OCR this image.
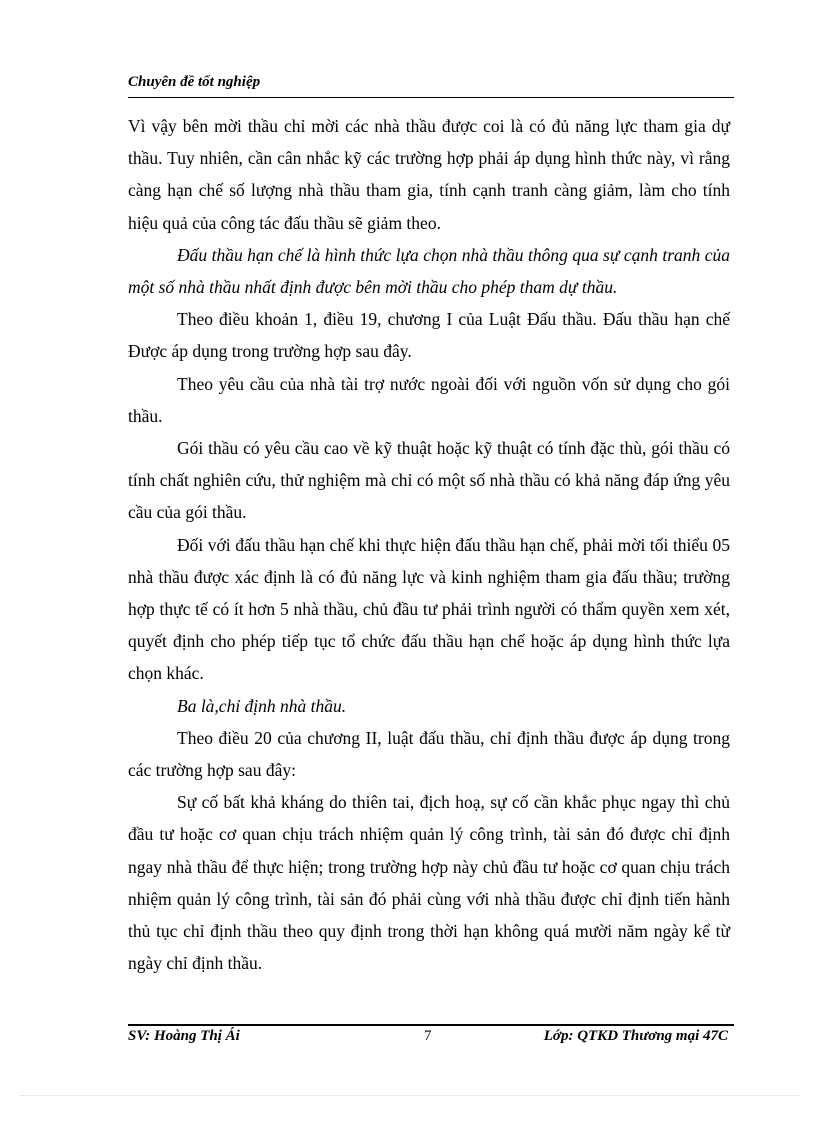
Chuyên đề tốt nghiệp

Vì vậy bên mời thầu chỉ mời các nhà thầu được coi là có đủ năng lực tham gia dự thầu. Tuy nhiên, cần cân nhắc kỹ các trường hợp phải áp dụng hình thức này, vì rằng càng hạn chế số lượng nhà thầu tham gia, tính cạnh tranh càng giảm, làm cho tính hiệu quả của công tác đấu thầu sẽ giảm theo.

Đấu thầu hạn chế là hình thức lựa chọn nhà thầu thông qua sự cạnh tranh của một số nhà thầu nhất định được bên mời thầu cho phép tham dự thầu.

Theo điều khoản 1, điều 19, chương I của Luật Đấu thầu. Đấu thầu hạn chế Được áp dụng trong trường hợp sau đây.

Theo yêu cầu của nhà tài trợ nước ngoài đối với nguồn vốn sử dụng cho gói thầu.

Gói thầu có yêu cầu cao về kỹ thuật hoặc kỹ thuật có tính đặc thù, gói thầu có tính chất nghiên cứu, thử nghiệm mà chỉ có một số nhà thầu có khả năng đáp ứng yêu cầu của gói thầu.

Đối với đấu thầu hạn chế khi thực hiện đấu thầu hạn chế, phải mời tối thiểu 05 nhà thầu được xác định là có đủ năng lực và kinh nghiệm tham gia đấu thầu; trường hợp thực tế có ít hơn 5 nhà thầu, chủ đầu tư phải trình người có thẩm quyền xem xét, quyết định cho phép tiếp tục tổ chức đấu thầu hạn chế hoặc áp dụng hình thức lựa chọn khác.

Ba là,chỉ định nhà thầu.

Theo điều 20 của chương II, luật đấu thầu, chỉ định thầu được áp dụng trong các trường hợp sau đây:

Sự cố bất khả kháng do thiên tai, địch hoạ, sự cố cần khắc phục ngay thì chủ đầu tư hoặc cơ quan chịu trách nhiệm quản lý công trình, tài sản đó được chỉ định ngay nhà thầu để thực hiện; trong trường hợp này chủ đầu tư hoặc cơ quan chịu trách nhiệm quản lý công trình, tài sản đó phải cùng với nhà thầu được chỉ định tiến hành thủ tục chỉ định thầu theo quy định trong thời hạn không quá mười năm ngày kể từ ngày chỉ định thầu.

SV: Hoàng Thị Ái	7	Lớp: QTKD Thương mại 47C
